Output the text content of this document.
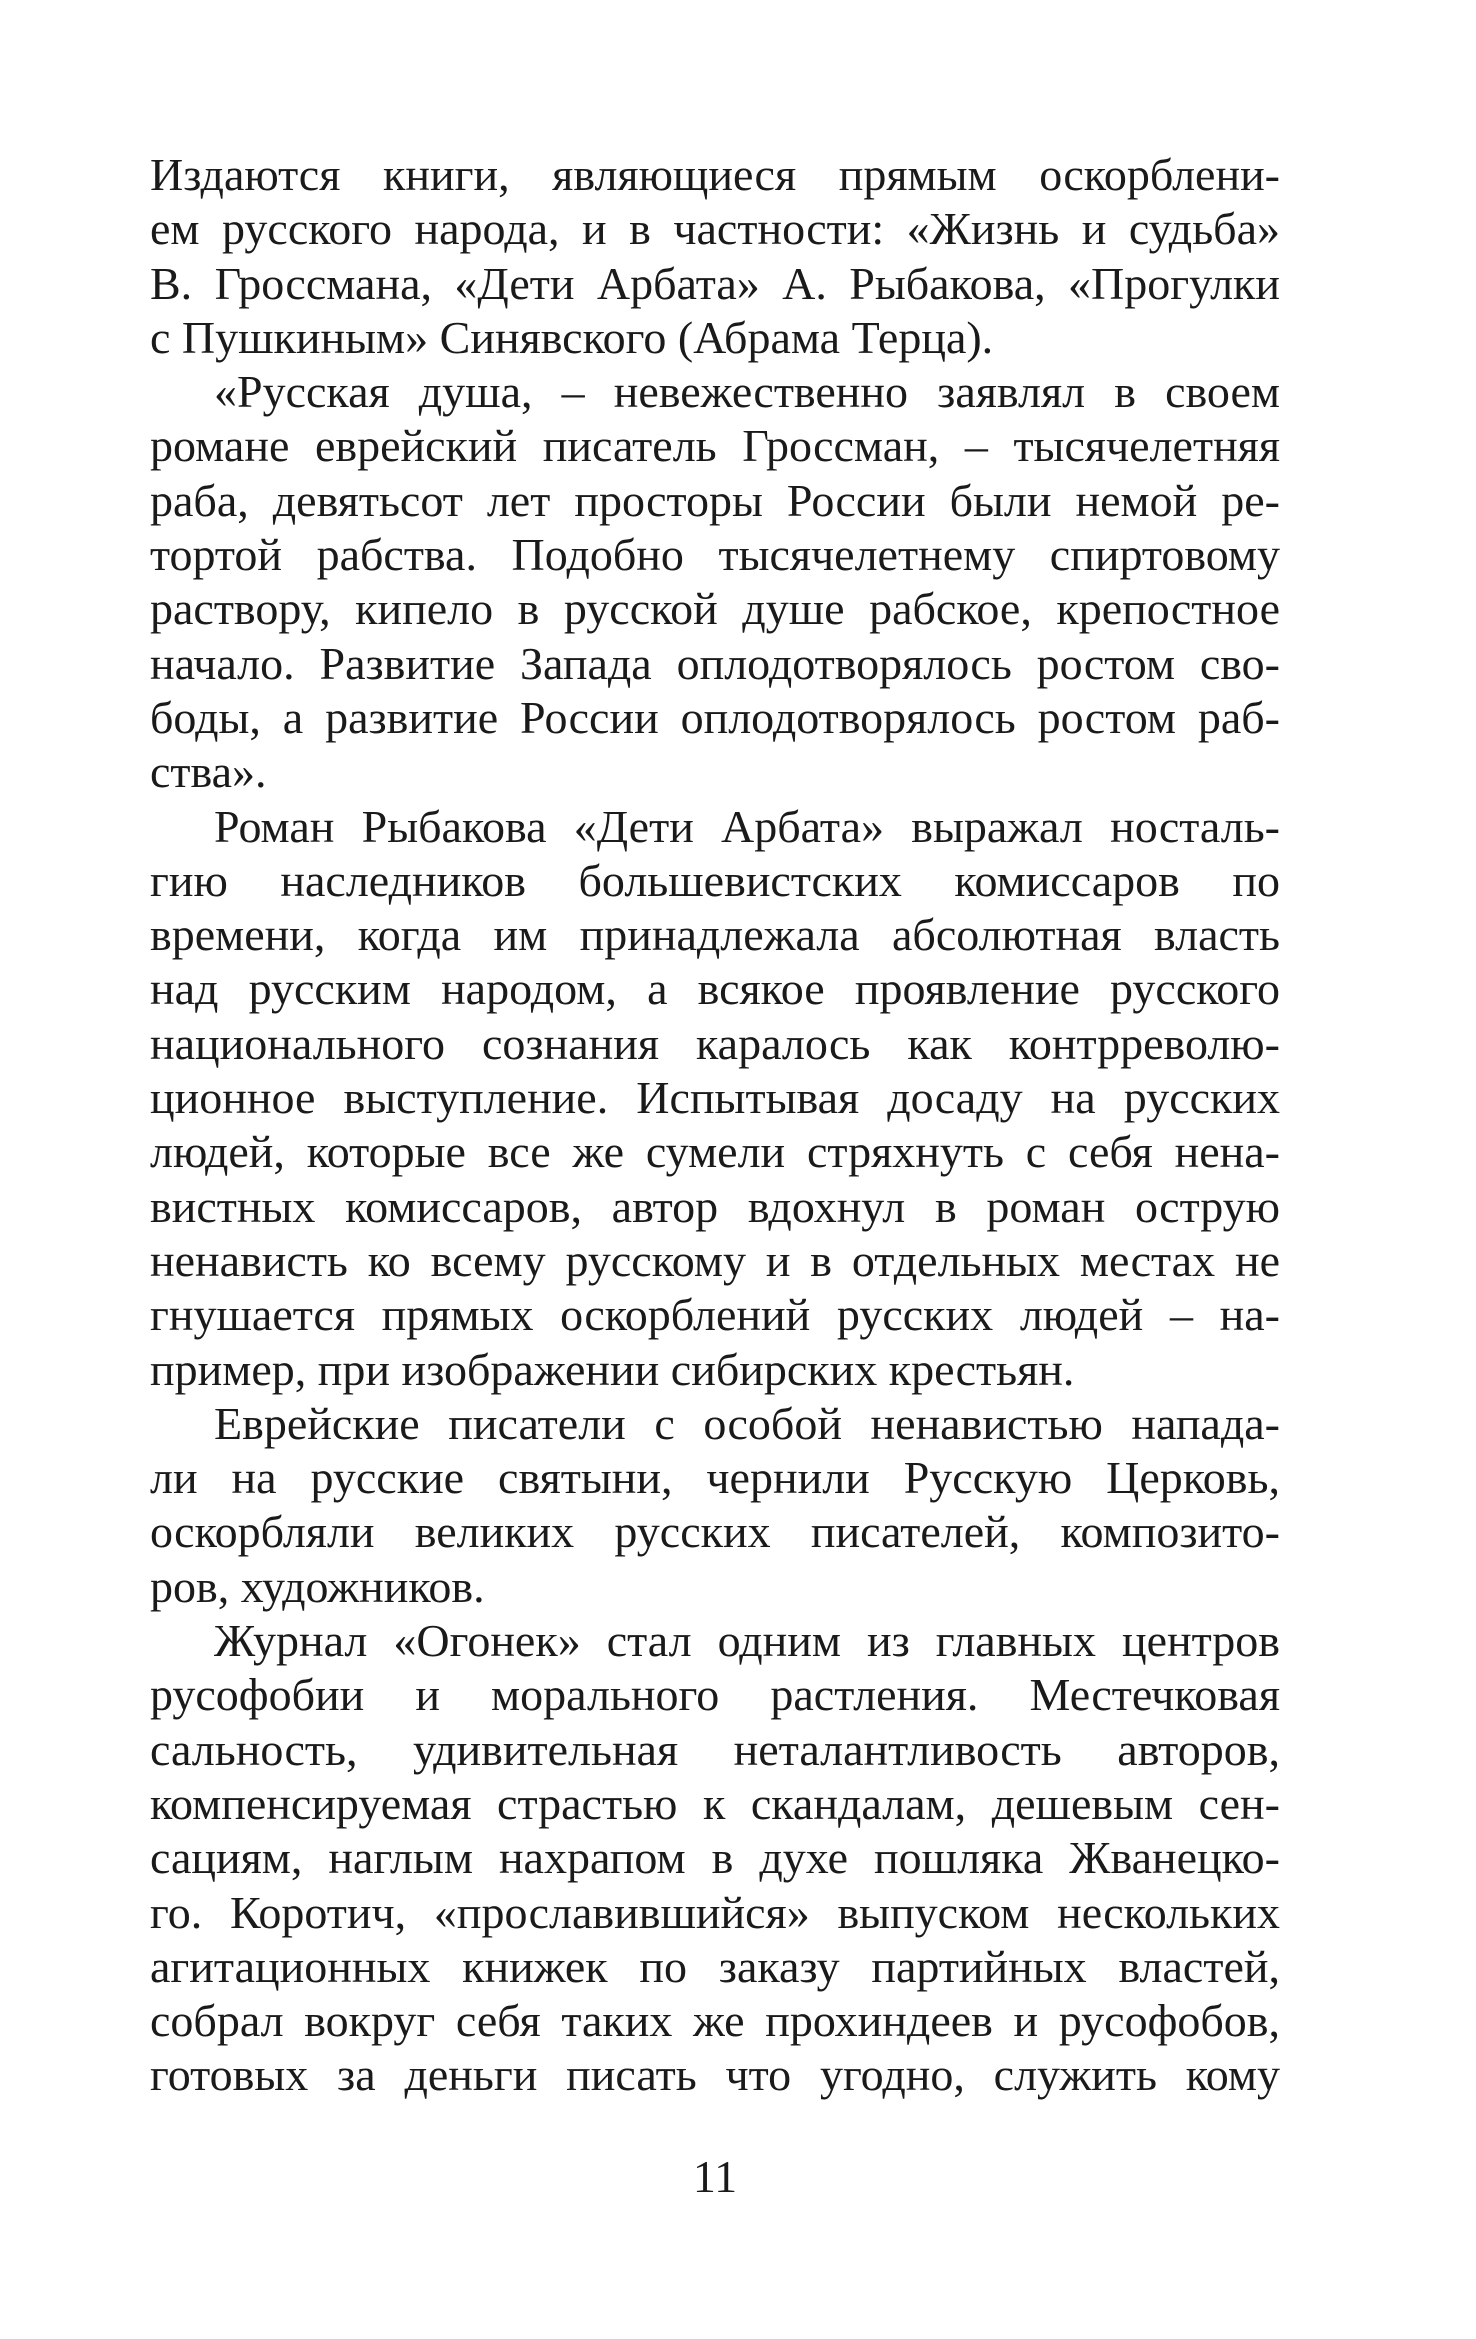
Издаются книги, являющиеся прямым оскорблени-
ем русского народа, и в частности: «Жизнь и судьба»
В. Гроссмана, «Дети Арбата» А. Рыбакова, «Прогулки
с Пушкиным» Синявского (Абрама Терца).
«Русская душа, – невежественно заявлял в своем
романе еврейский писатель Гроссман, – тысячелетняя
раба, девятьсот лет просторы России были немой ре-
тортой рабства. Подобно тысячелетнему спиртовому
раствору, кипело в русской душе рабское, крепостное
начало. Развитие Запада оплодотворялось ростом сво-
боды, а развитие России оплодотворялось ростом раб-
ства».
Роман Рыбакова «Дети Арбата» выражал носталь-
гию наследников большевистских комиссаров по
времени, когда им принадлежала абсолютная власть
над русским народом, а всякое проявление русского
национального сознания каралось как контрреволю-
ционное выступление. Испытывая досаду на русских
людей, которые все же сумели стряхнуть с себя нена-
вистных комиссаров, автор вдохнул в роман острую
ненависть ко всему русскому и в отдельных местах не
гнушается прямых оскорблений русских людей – на-
пример, при изображении сибирских крестьян.
Еврейские писатели с особой ненавистью напада-
ли на русские святыни, чернили Русскую Церковь,
оскорбляли великих русских писателей, композито-
ров, художников.
Журнал «Огонек» стал одним из главных центров
русофобии и морального растления. Местечковая
сальность, удивительная неталантливость авторов,
компенсируемая страстью к скандалам, дешевым сен-
сациям, наглым нахрапом в духе пошляка Жванецко-
го. Коротич, «прославившийся» выпуском нескольких
агитационных книжек по заказу партийных властей,
собрал вокруг себя таких же прохиндеев и русофобов,
готовых за деньги писать что угодно, служить кому
11
